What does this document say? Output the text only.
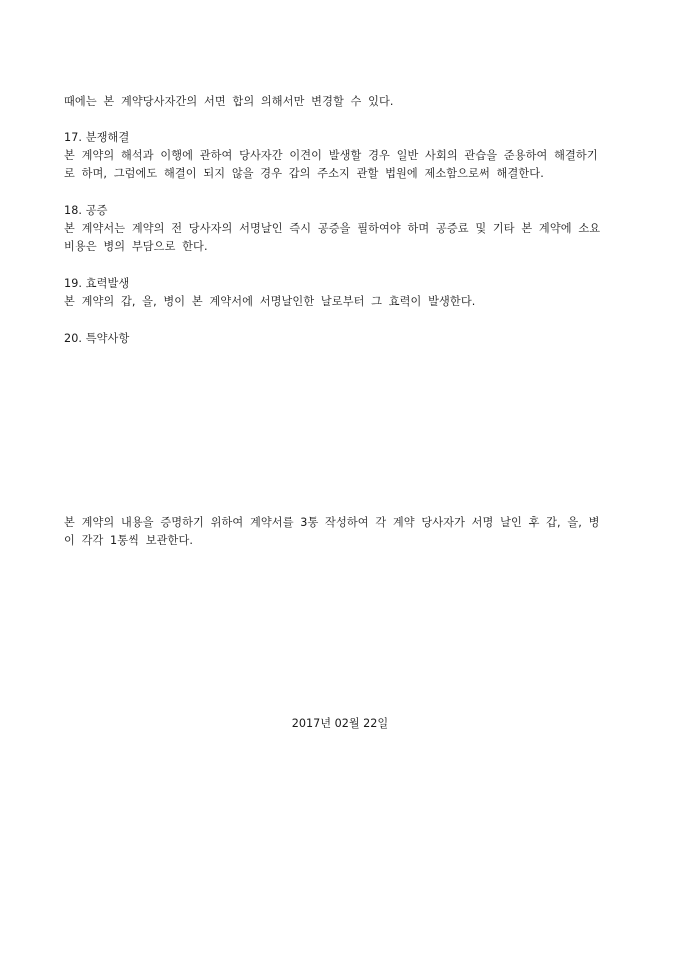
때에는 본 계약당사자간의 서면 합의 의해서만 변경할 수 있다.
17. 분쟁해결
본 계약의 해석과 이행에 관하여 당사자간 이견이 발생할 경우 일반 사회의 관습을 준용하여 해결하기
로 하며, 그럼에도 해결이 되지 않을 경우 갑의 주소지 관할 법원에 제소함으로써 해결한다.
18. 공증
본 계약서는 계약의 전 당사자의 서명날인 즉시 공증을 필하여야 하며 공증료 및 기타 본 계약에 소요
비용은 병의 부담으로 한다.
19. 효력발생
본 계약의 갑, 을, 병이 본 계약서에 서명날인한 날로부터 그 효력이 발생한다.
20. 특약사항
본 계약의 내용을 증명하기 위하여 계약서를 3통 작성하여 각 계약 당사자가 서명 날인 후 갑, 을, 병
이 각각 1통씩 보관한다.
2017년 02월 22일
